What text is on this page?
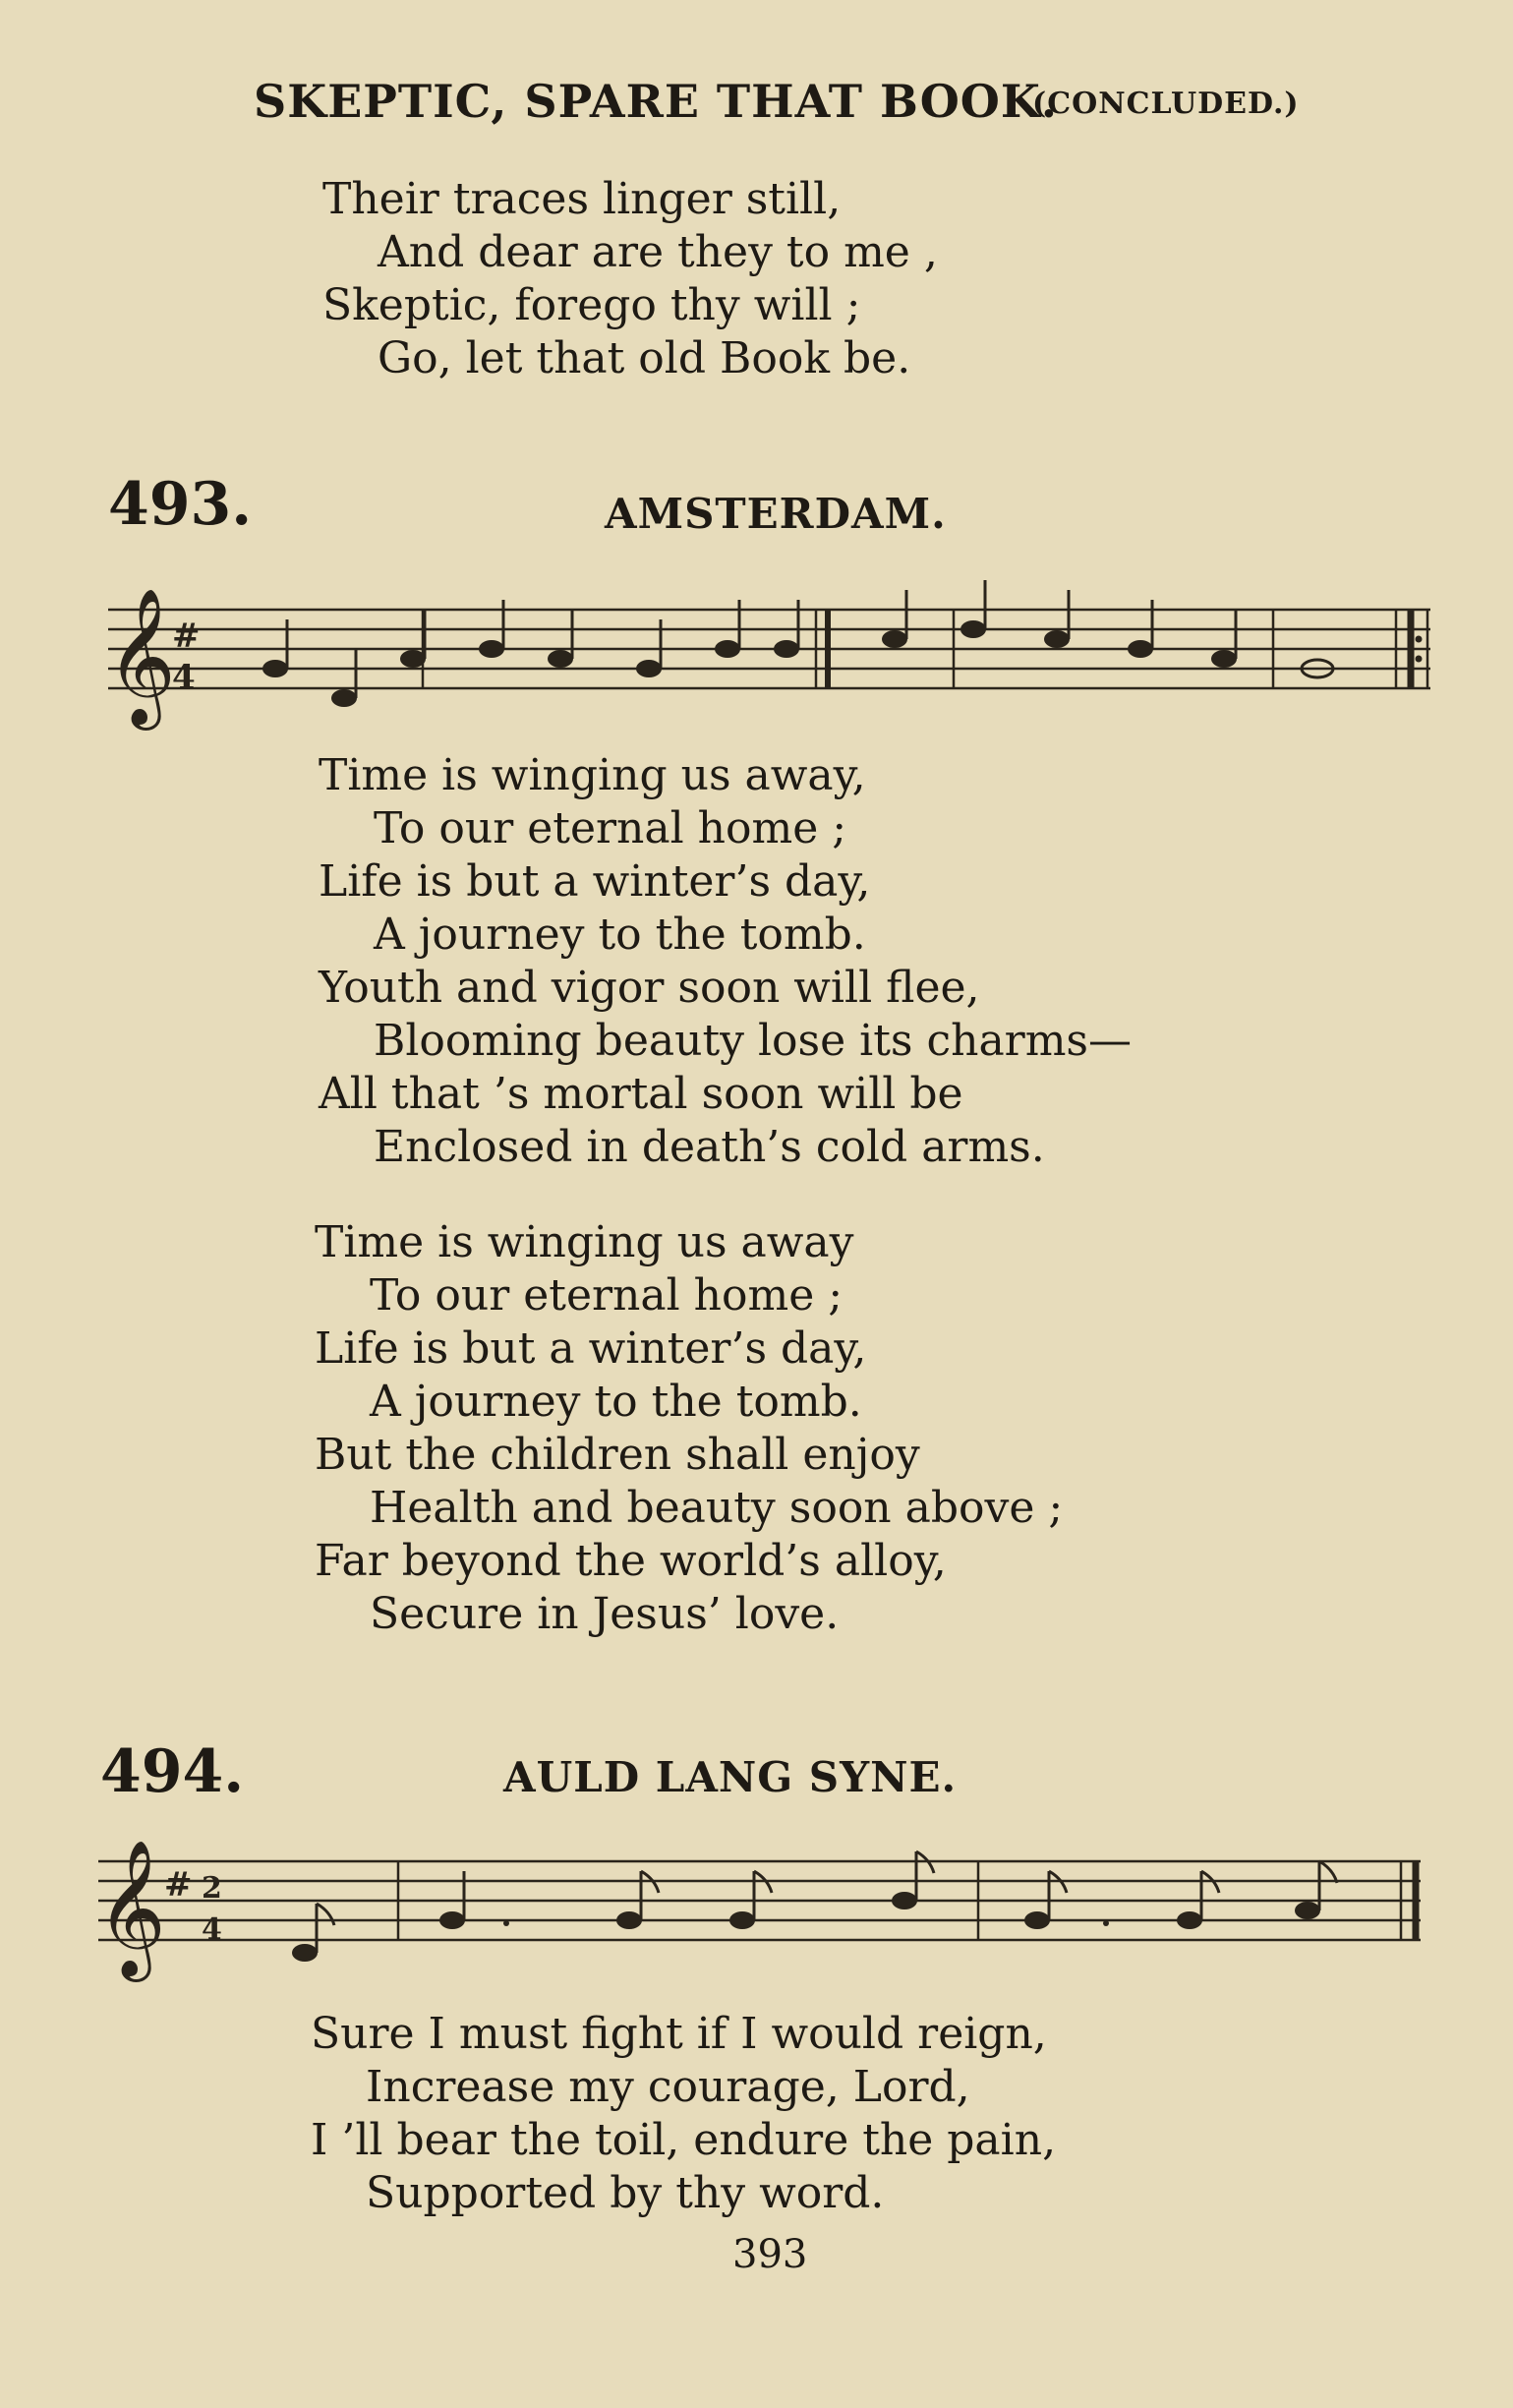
SKEPTIC, SPARE THAT BOOK.
(CONCLUDED.)
Their traces linger still,
And dear are they to me ,
Skeptic, forego thy will ;
Go, let that old Book be.
493.	AMSTERDAM.
𝄞
#
4
Time is winging us away,
To our eternal home ;
Life is but a winter’s day,
A journey to the tomb.
Youth and vigor soon will flee,
Blooming beauty lose its charms—
All that ’s mortal soon will be
Enclosed in death’s cold arms.
Time is winging us away
To our eternal home ;
Life is but a winter’s day,
A journey to the tomb.
But the children shall enjoy
Health and beauty soon above ;
Far beyond the world’s alloy,
Secure in Jesus’ love.
494.	AULD LANG SYNE.
𝄞
# 2
4
Sure I must fight if I would reign,
Increase my courage, Lord,
I ’ll bear the toil, endure the pain,
Supported by thy word.
393
